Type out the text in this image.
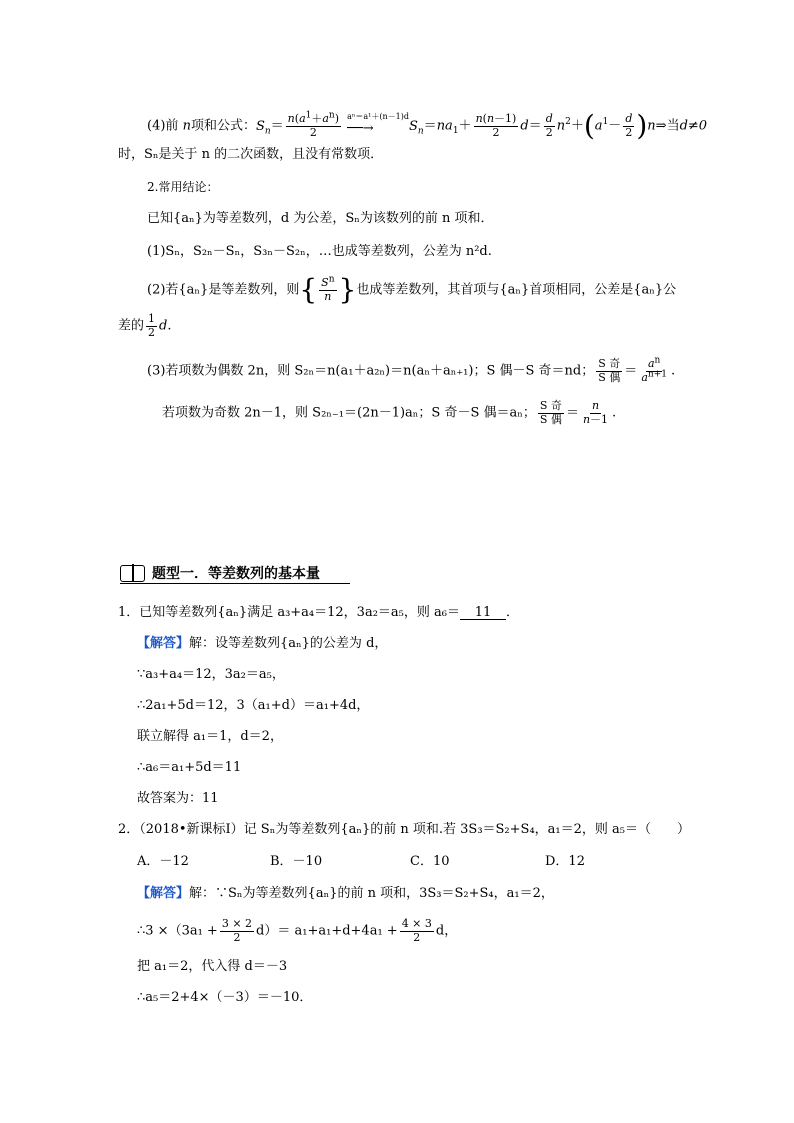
(4)前 n项和公式：$S_n= \frac{n(a^1+a^n)}{2} a^n=a^1+(n-1)d$
──→	$S_n=na_1+ \frac{n(n-1)}{2} d= \frac{d}{2} n^2+(a^1- \frac{d}{2}$ )n⇒当d≠0
时，Sₙ是关于 n 的二次函数，且没有常数项．
2.常用结论：
已知{aₙ}为等差数列，d 为公差，Sₙ为该数列的前 n 项和．
(1)Sₙ，S₂ₙ－Sₙ，S₃ₙ－S₂ₙ，…也成等差数列，公差为 n²d.
(2)若{aₙ}是等差数列，则{ $\frac{S^n}{n}$ }也成等差数列，其首项与{aₙ}首项相同，公差是{aₙ}公
差的 $\frac{1}{2} d$.
(3)若项数为偶数 2n，则 S₂ₙ＝n(a₁＋a₂ₙ)＝n(aₙ＋aₙ₊₁)；S 偶－S 奇＝nd； $\frac{\text{S 奇}}{\text{S 偶}} = \frac{a^n}{a^{n+1}}$ .
若项数为奇数 2n－1，则 S₂ₙ₋₁＝(2n－1)aₙ；S 奇－S 偶＝aₙ； $\frac{\text{S 奇}}{\text{S 偶}} = \frac{n}{n-1}$ .
题型一．等差数列的基本量
1．已知等差数列{aₙ}满足 a₃+a₄＝12，3a₂＝a₅，则 a₆＝ 11 ．
【解答】解：设等差数列{aₙ}的公差为 d，
∵a₃+a₄＝12，3a₂＝a₅，
∴2a₁+5d＝12，3（a₁+d）＝a₁+4d，
联立解得 a₁＝1，d＝2，
∴a₆＝a₁+5d＝11
故答案为：11
2．（2018•新课标Ⅰ）记 Sₙ为等差数列{aₙ}的前 n 项和.若 3S₃＝S₂+S₄，a₁＝2，则 a₅＝（　　）
A．－12	B．－10	C．10	D．12
【解答】解：∵Sₙ为等差数列{aₙ}的前 n 项和，3S₃＝S₂+S₄，a₁＝2，
∴3 $\times(3a_1 + \frac{3 \times 2}{2} d)= a_1+a_1+d+4a_1 + \frac{4 \times 3}{2}$ d，
把 a₁＝2，代入得 d＝－3
∴a₅＝2+4×（－3）＝－10．
